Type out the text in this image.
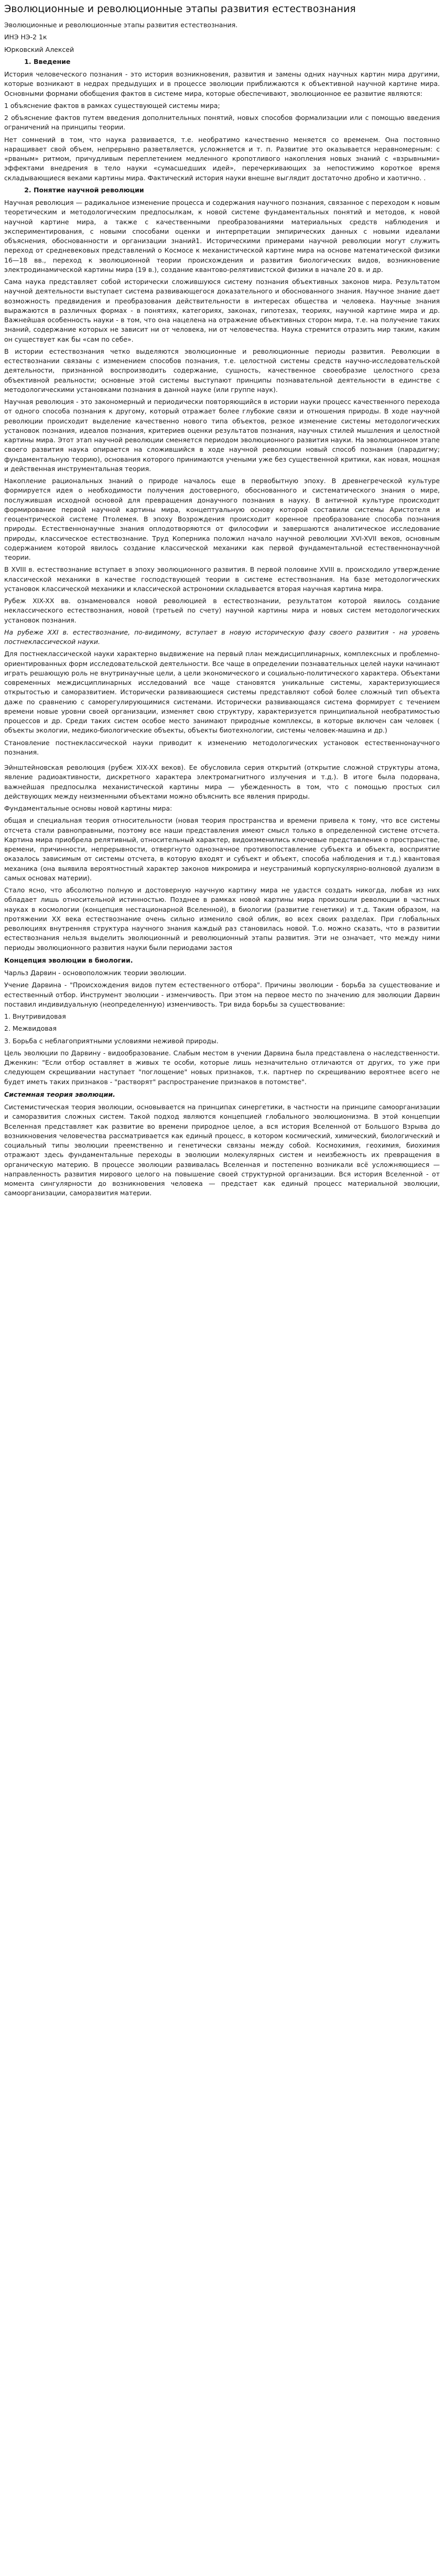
Эволюционные и революционные этапы развития естествознания

Эволюционные и революционные этапы развития естествознания.

ИНЭ НЭ-2 1к

Юрковский Алексей

1. Введение

История человеческого познания - это история возникновения, развития и замены одних научных картин мира другими, которые возникают в недрах предыдущих и в процессе эволюции приближаются к объективной научной картине мира. Основными формами обобщения фактов в системе мира, которые обеспечивают, эволюционное ее развитие являются:

1 объяснение фактов в рамках существующей системы мира;

2 объяснение фактов путем введения дополнительных понятий, новых способов формализации или с помощью введения ограничений на принципы теории.

Нет сомнений в том, что наука развивается, т.е. необратимо качественно меняется со временем. Она постоянно наращивает свой объем, непрерывно разветвляется, усложняется и т. п. Развитие это оказывается неравномерным: с «рваным» ритмом, причудливым переплетением медленного кропотливого накопления новых знаний с «взрывными» эффектами внедрения в тело науки «сумасшедших идей», перечеркивающих за непостижимо короткое время складывающиеся веками картины мира. Фактический история науки внешне выглядит достаточно дробно и хаотично. .

2. Понятие научной революции

Научная революция — радикальное изменение процесса и содержания научного познания, связанное с переходом к новым теоретическим и методологическим предпосылкам, к новой системе фундаментальных понятий и методов, к новой научной картине мира, а также с качественными преобразованиями материальных средств наблюдения и экспериментирования, с новыми способами оценки и интерпретации эмпирических данных с новыми идеалами объяснения, обоснованности и организации знаний1. Историческими примерами научной революции могут служить переход от средневековых представлений о Космосе к механистической картине мира на основе математической физики 16—18 вв., переход к эволюционной теории происхождения и развития биологических видов, возникновение электродинамической картины мира (19 в.), создание квантово-релятивистской физики в начале 20 в. и др.

Сама наука представляет собой исторически сложившуюся систему познания объективных законов мира. Результатом научной деятельности выступает система развивающегося доказательного и обоснованного знания. Научное знание дает возможность предвидения и преобразования действительности в интересах общества и человека. Научные знания выражаются в различных формах - в понятиях, категориях, законах, гипотезах, теориях, научной картине мира и др. Важнейшая особенность науки - в том, что она нацелена на отражение объективных сторон мира, т.е. на получение таких знаний, содержание которых не зависит ни от человека, ни от человечества. Наука стремится отразить мир таким, каким он существует как бы «сам по себе».

В истории естествознания четко выделяются эволюционные и революционные периоды развития. Революции в естествознании связаны с изменением способов познания, т.е. целостной системы средств научно-исследовательской деятельности, признанной воспроизводить содержание, сущность, качественное своеобразие целостного среза объективной реальности; основные этой системы выступают принципы познавательной деятельности в единстве с методологическими установками познания в данной науке (или группе наук).

Научная революция - это закономерный и периодически повторяющийся в истории науки процесс качественного перехода от одного способа познания к другому, который отражает более глубокие связи и отношения природы. В ходе научной революции происходит выделение качественно нового типа объектов, резкое изменение системы методологических установок познания, идеалов познания, критериев оценки результатов познания, научных стилей мышления и целостной картины мира. Этот этап научной революции сменяется периодом эволюционного развития науки. На эволюционном этапе своего развития наука опирается на сложившийся в ходе научной революции новый способ познания (парадигму; фундаментальную теорию), основания которого принимаются учеными уже без существенной критики, как новая, мощная и действенная инструментальная теория.

Накопление рациональных знаний о природе началось еще в первобытную эпоху. В древнегреческой культуре формируется идея о необходимости получения достоверного, обоснованного и систематического знания о мире, послужившая исходной основой для превращения донаучного познания в науку. В античной культуре происходит формирование первой научной картины мира, концептуальную основу которой составили системы Аристотеля и геоцентрической системе Птолемея. В эпоху Возрождения происходит коренное преобразование способа познания природы. Естественнонаучные знания оплодотворяются от философии и завершаются аналитическое исследование природы, классическое естествознание. Труд Коперника положил начало научной революции XVI-XVII веков, основным содержанием которой явилось создание классической механики как первой фундаментальной естественнонаучной теории.

В XVIII в. естествознание вступает в эпоху эволюционного развития. В первой половине XVIII в. происходило утверждение классической механики в качестве господствующей теории в системе естествознания. На базе методологических установок классической механики и классической астрономии складывается вторая научная картина мира.

Рубеж XIX-XX вв. ознаменовался новой революцией в естествознании, результатом которой явилось создание неклассического естествознания, новой (третьей по счету) научной картины мира и новых систем методологических установок познания.

На рубеже XXI в. естествознание, по-видимому, вступает в новую историческую фазу своего развития - на уровень постнеклассической науки.

Для постнеклассической науки характерно выдвижение на первый план междисциплинарных, комплексных и проблемно-ориентированных форм исследовательской деятельности. Все чаще в определении познавательных целей науки начинают играть решающую роль не внутринаучные цели, а цели экономического и социально-политического характера. Объектами современных междисциплинарных исследований все чаще становятся уникальные системы, характеризующиеся открытостью и саморазвитием. Исторически развивающиеся системы представляют собой более сложный тип объекта даже по сравнению с саморегулирующимися системами. Исторически развивающаяся система формирует с течением времени новые уровни своей организации, изменяет свою структуру, характеризуется принципиальной необратимостью процессов и др. Среди таких систем особое место занимают природные комплексы, в которые включен сам человек ( объекты экологии, медико-биологические объекты, объекты биотехнологии, системы человек-машина и др.)

Становление постнеклассической науки приводит к изменению методологических установок естественнонаучного познания.

Эйнштейновская революция (рубеж XIX-XX веков). Ее обусловила серия открытий (открытие сложной структуры атома, явление радиоактивности, дискретного характера электромагнитного излучения и т.д.). В итоге была подорвана, важнейшая предпосылка механистической картины мира — убежденность в том, что с помощью простых сил действующих между неизменными объектами можно объяснить все явления природы.

Фундаментальные основы новой картины мира:

общая и специальная теория относительности (новая теория пространства и времени привела к тому, что все системы отсчета стали равноправными, поэтому все наши представления имеют смысл только в определенной системе отсчета. Картина мира приобрела релятивный, относительный характер, видоизменились ключевые представления о пространстве, времени, причинности, непрерывности, отвергнуто однозначное противопоставление субъекта и объекта, восприятие оказалось зависимым от системы отсчета, в которую входят и субъект и объект, способа наблюдения и т.д.) квантовая механика (она выявила вероятностный характер законов микромира и неустранимый корпускулярно-волновой дуализм в самых основах материи).

Стало ясно, что абсолютно полную и достоверную научную картину мира не удастся создать никогда, любая из них обладает лишь относительной истинностью. Позднее в рамках новой картины мира произошли революции в частных науках в космологии (концепция нестационарной Вселенной), в биологии (развитие генетики) и т.д. Таким образом, на протяжении XX века естествознание очень сильно изменило свой облик, во всех своих разделах. При глобальных революциях внутренняя структура научного знания каждый раз становилась новой. Т.о. можно сказать, что в развитии естествознания нельзя выделить эволюционный и революционный этапы развития. Эти не означает, что между ними периоды эволюционного развития науки были периодами застоя

Концепция эволюции в биологии.

Чарльз Дарвин - основоположник теории эволюции.

Учение Дарвина - "Происхождения видов путем естественного отбора". Причины эволюции - борьба за существование и естественный отбор. Инструмент эволюции - изменчивость. При этом на первое место по значению для эволюции Дарвин поставил индивидуальную (неопределенную) изменчивость. Три вида борьбы за существование:

1. Внутривидовая

2. Межвидовая

3. Борьба с неблагоприятными условиями неживой природы.

Цель эволюции по Дарвину - видообразование. Слабым местом в учении Дарвина была представлена о наследственности. Дженкин: "Если отбор оставляет в живых те особи, которые лишь незначительно отличаются от других, то уже при следующем скрещивании наступает "поглощение" новых признаков, т.к. партнер по скрещиванию вероятнее всего не будет иметь таких признаков - "растворят" распространение признаков в потомстве".

Системная теория эволюции.

Системистическая теория эволюции, основывается на принципах синергетики, в частности на принципе самоорганизации и саморазвития сложных систем. Такой подход являются концепцией глобального эволюционизма. В этой концепции Вселенная представляет как развитие во времени природное целое, а вся история Вселенной от Большого Взрыва до возникновения человечества рассматривается как единый процесс, в котором космический, химический, биологический и социальный типы эволюции преемственно и генетически связаны между собой. Космохимия, геохимия, биохимия отражают здесь фундаментальные переходы в эволюции молекулярных систем и неизбежность их превращения в органическую материю. В процессе эволюции развивалась Вселенная и постепенно возникали всё усложняющиеся — направленность развития мирового целого на повышение своей структурной организации. Вся история Вселенной - от момента сингулярности до возникновения человека — предстает как единый процесс материальной эволюции, самоорганизации, саморазвития материи.
